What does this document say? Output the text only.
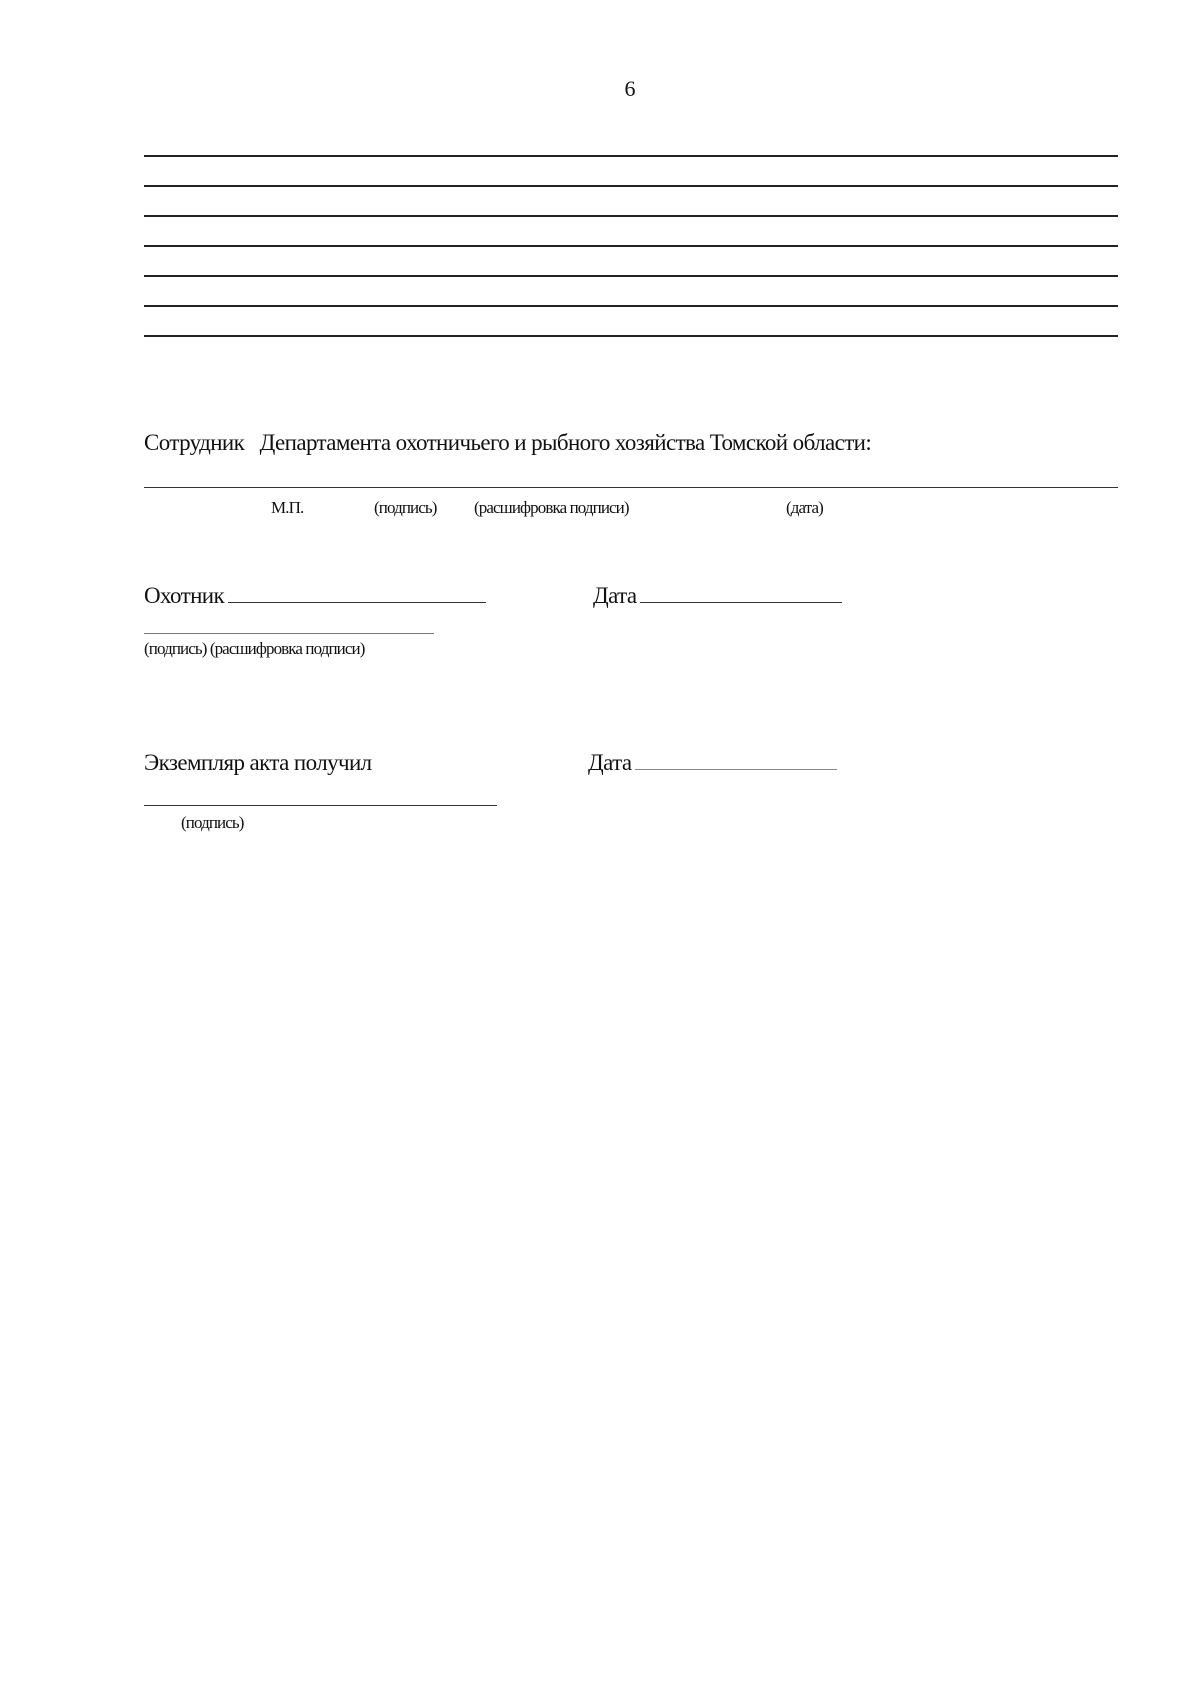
6
Сотрудник   Департамента охотничьего и рыбного хозяйства Томской области:
М.П.	(подпись) (расшифровка подписи)	(дата)
Охотник	Дата
(подпись) (расшифровка подписи)
Экземпляр акта получил	Дата
(подпись)
